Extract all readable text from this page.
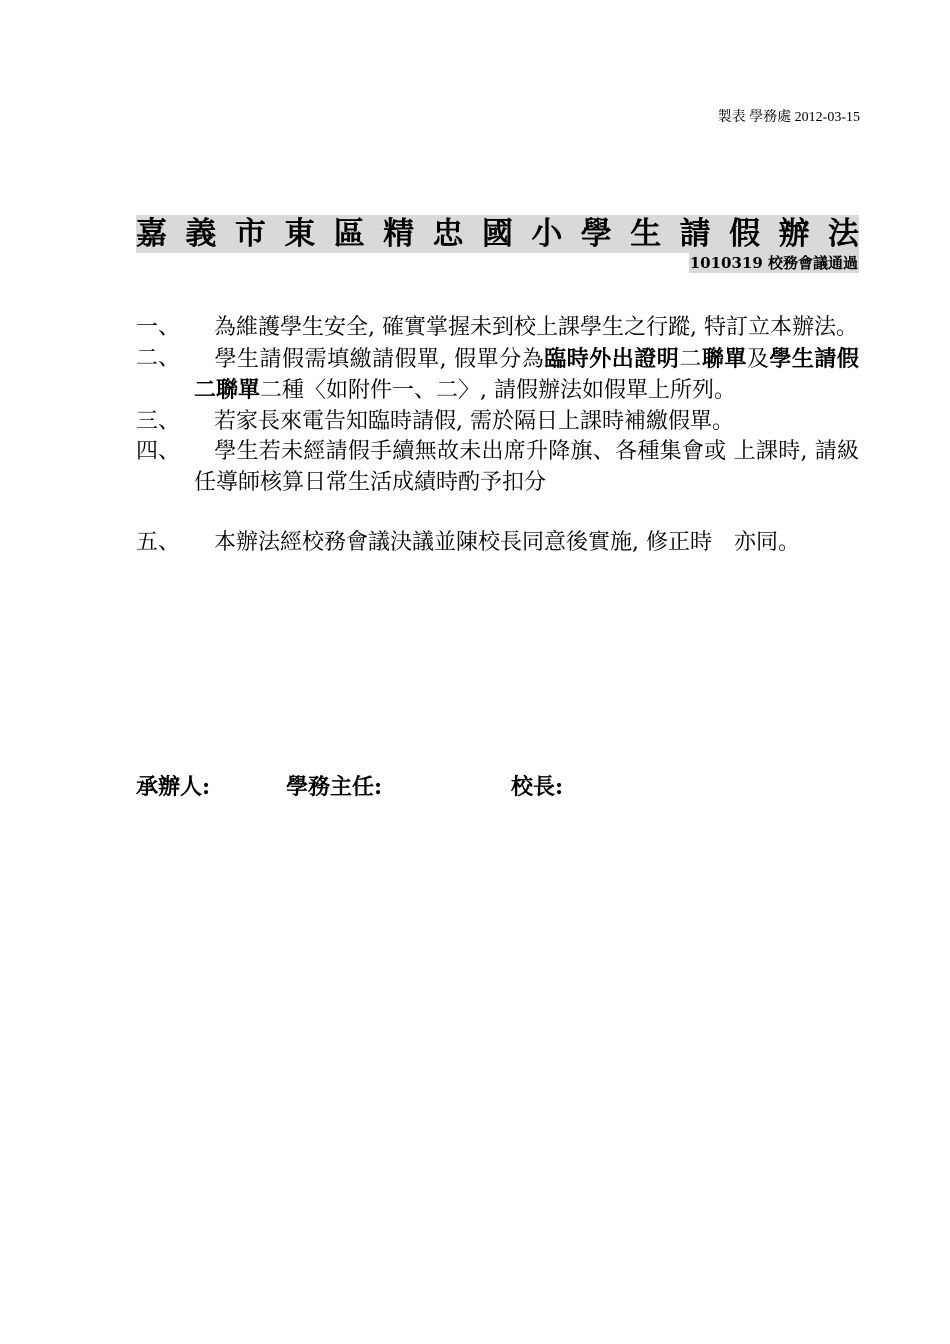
製表 學務處 2012-03-15
嘉 義 市 東 區 精 忠 國 小 學 生 請 假 辦 法
1010319 校務會議通過
一、 為維護學生安全, 確實掌握未到校上課學生之行蹤, 特訂立本辦法。
二、 學生請假需填繳請假單, 假單分為臨時外出證明二聯單及學生請假二聯單二種〈如附件一、二〉, 請假辦法如假單上所列。
三、 若家長來電告知臨時請假, 需於隔日上課時補繳假單。
四、 學生若未經請假手續無故未出席升降旗、各種集會或 上課時, 請級任導師核算日常生活成績時酌予扣分
五、 本辦法經校務會議決議並陳校長同意後實施, 修正時　亦同。
承辦人:	學務主任:	校長:
